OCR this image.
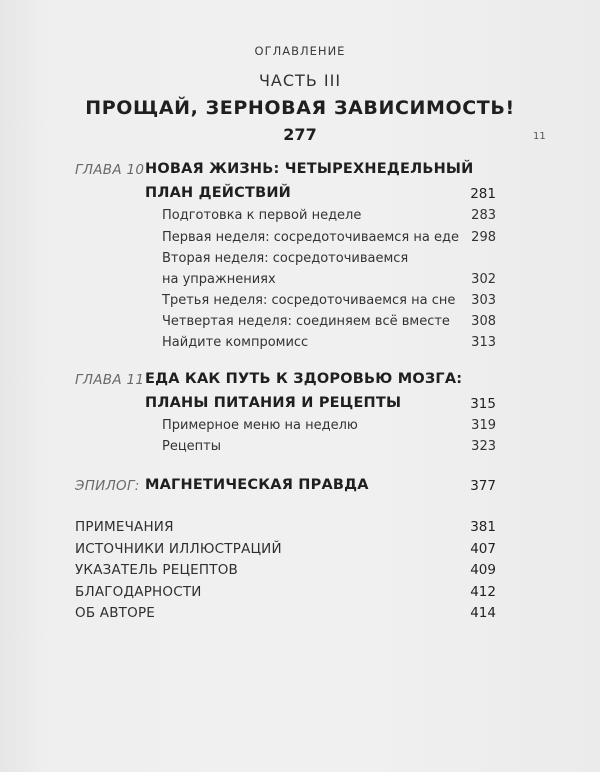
ОГЛАВЛЕНИЕ
ЧАСТЬ III
ПРОЩАЙ, ЗЕРНОВАЯ ЗАВИСИМОСТЬ!
277	11
ГЛАВА 10 НОВАЯ ЖИЗНЬ: ЧЕТЫРЕХНЕДЕЛЬНЫЙ
ПЛАН ДЕЙСТВИЙ	281
Подготовка к первой неделе	283
Первая неделя: сосредоточиваемся на еде 298
Вторая неделя: сосредоточиваемся
на упражнениях	302
Третья неделя: сосредоточиваемся на сне	303
Четвертая неделя: соединяем всё вместе	308
Найдите компромисс	313
ГЛАВА 11 ЕДА КАК ПУТЬ К ЗДОРОВЬЮ МОЗГА:
ПЛАНЫ ПИТАНИЯ И РЕЦЕПТЫ	315
Примерное меню на неделю	319
Рецепты	323
ЭПИЛОГ: МАГНЕТИЧЕСКАЯ ПРАВДА	377
ПРИМЕЧАНИЯ	381
ИСТОЧНИКИ ИЛЛЮСТРАЦИЙ	407
УКАЗАТЕЛЬ РЕЦЕПТОВ	409
БЛАГОДАРНОСТИ	412
ОБ АВТОРЕ	414
